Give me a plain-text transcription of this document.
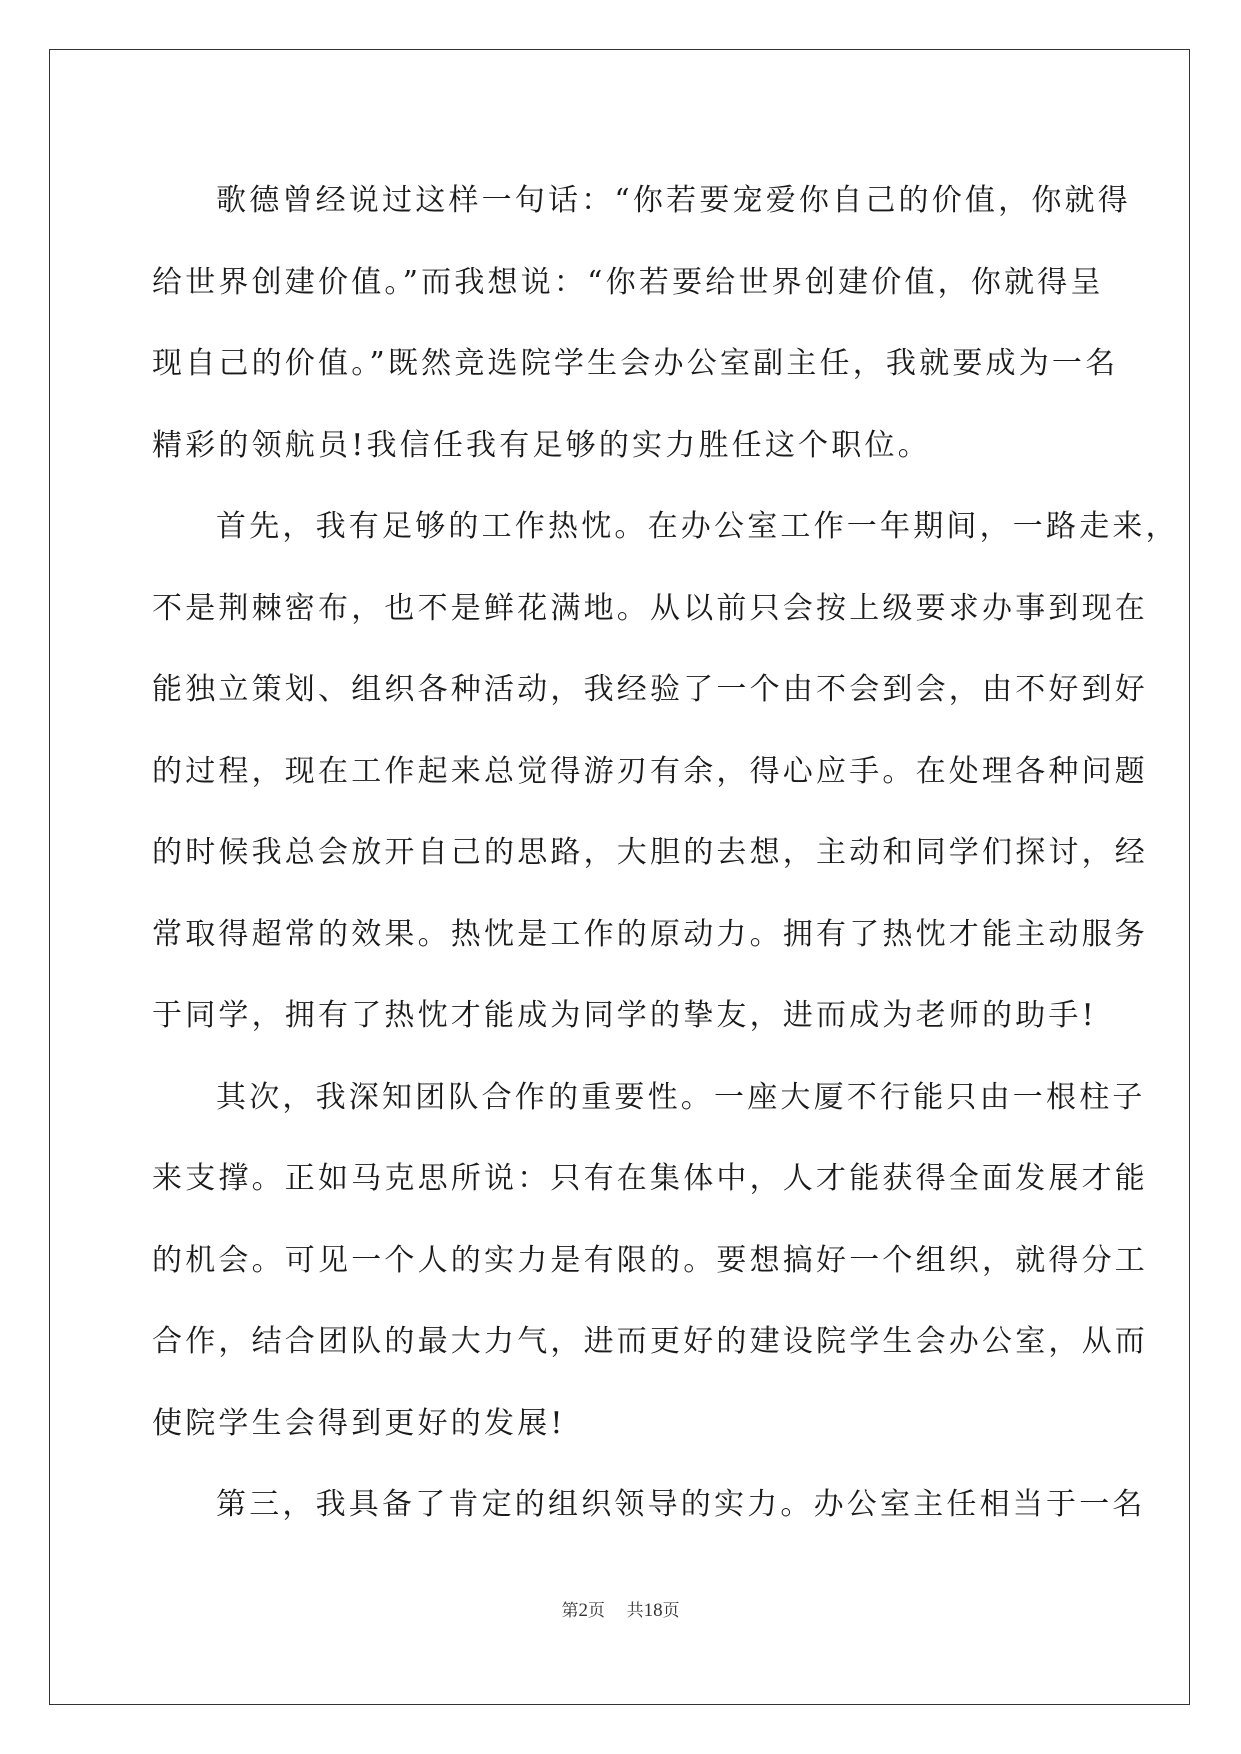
歌德曾经说过这样一句话：“你若要宠爱你自己的价值，你就得
给世界创建价值。”而我想说：“你若要给世界创建价值，你就得呈
现自己的价值。”既然竞选院学生会办公室副主任，我就要成为一名
精彩的领航员!我信任我有足够的实力胜任这个职位。
首先，我有足够的工作热忱。在办公室工作一年期间，一路走来，
不是荆棘密布，也不是鲜花满地。从以前只会按上级要求办事到现在
能独立策划、组织各种活动，我经验了一个由不会到会，由不好到好
的过程，现在工作起来总觉得游刃有余，得心应手。在处理各种问题
的时候我总会放开自己的思路，大胆的去想，主动和同学们探讨，经
常取得超常的效果。热忱是工作的原动力。拥有了热忱才能主动服务
于同学，拥有了热忱才能成为同学的挚友，进而成为老师的助手!
其次，我深知团队合作的重要性。一座大厦不行能只由一根柱子
来支撑。正如马克思所说：只有在集体中，人才能获得全面发展才能
的机会。可见一个人的实力是有限的。要想搞好一个组织，就得分工
合作，结合团队的最大力气，进而更好的建设院学生会办公室，从而
使院学生会得到更好的发展!
第三，我具备了肯定的组织领导的实力。办公室主任相当于一名
第2页 共18页
